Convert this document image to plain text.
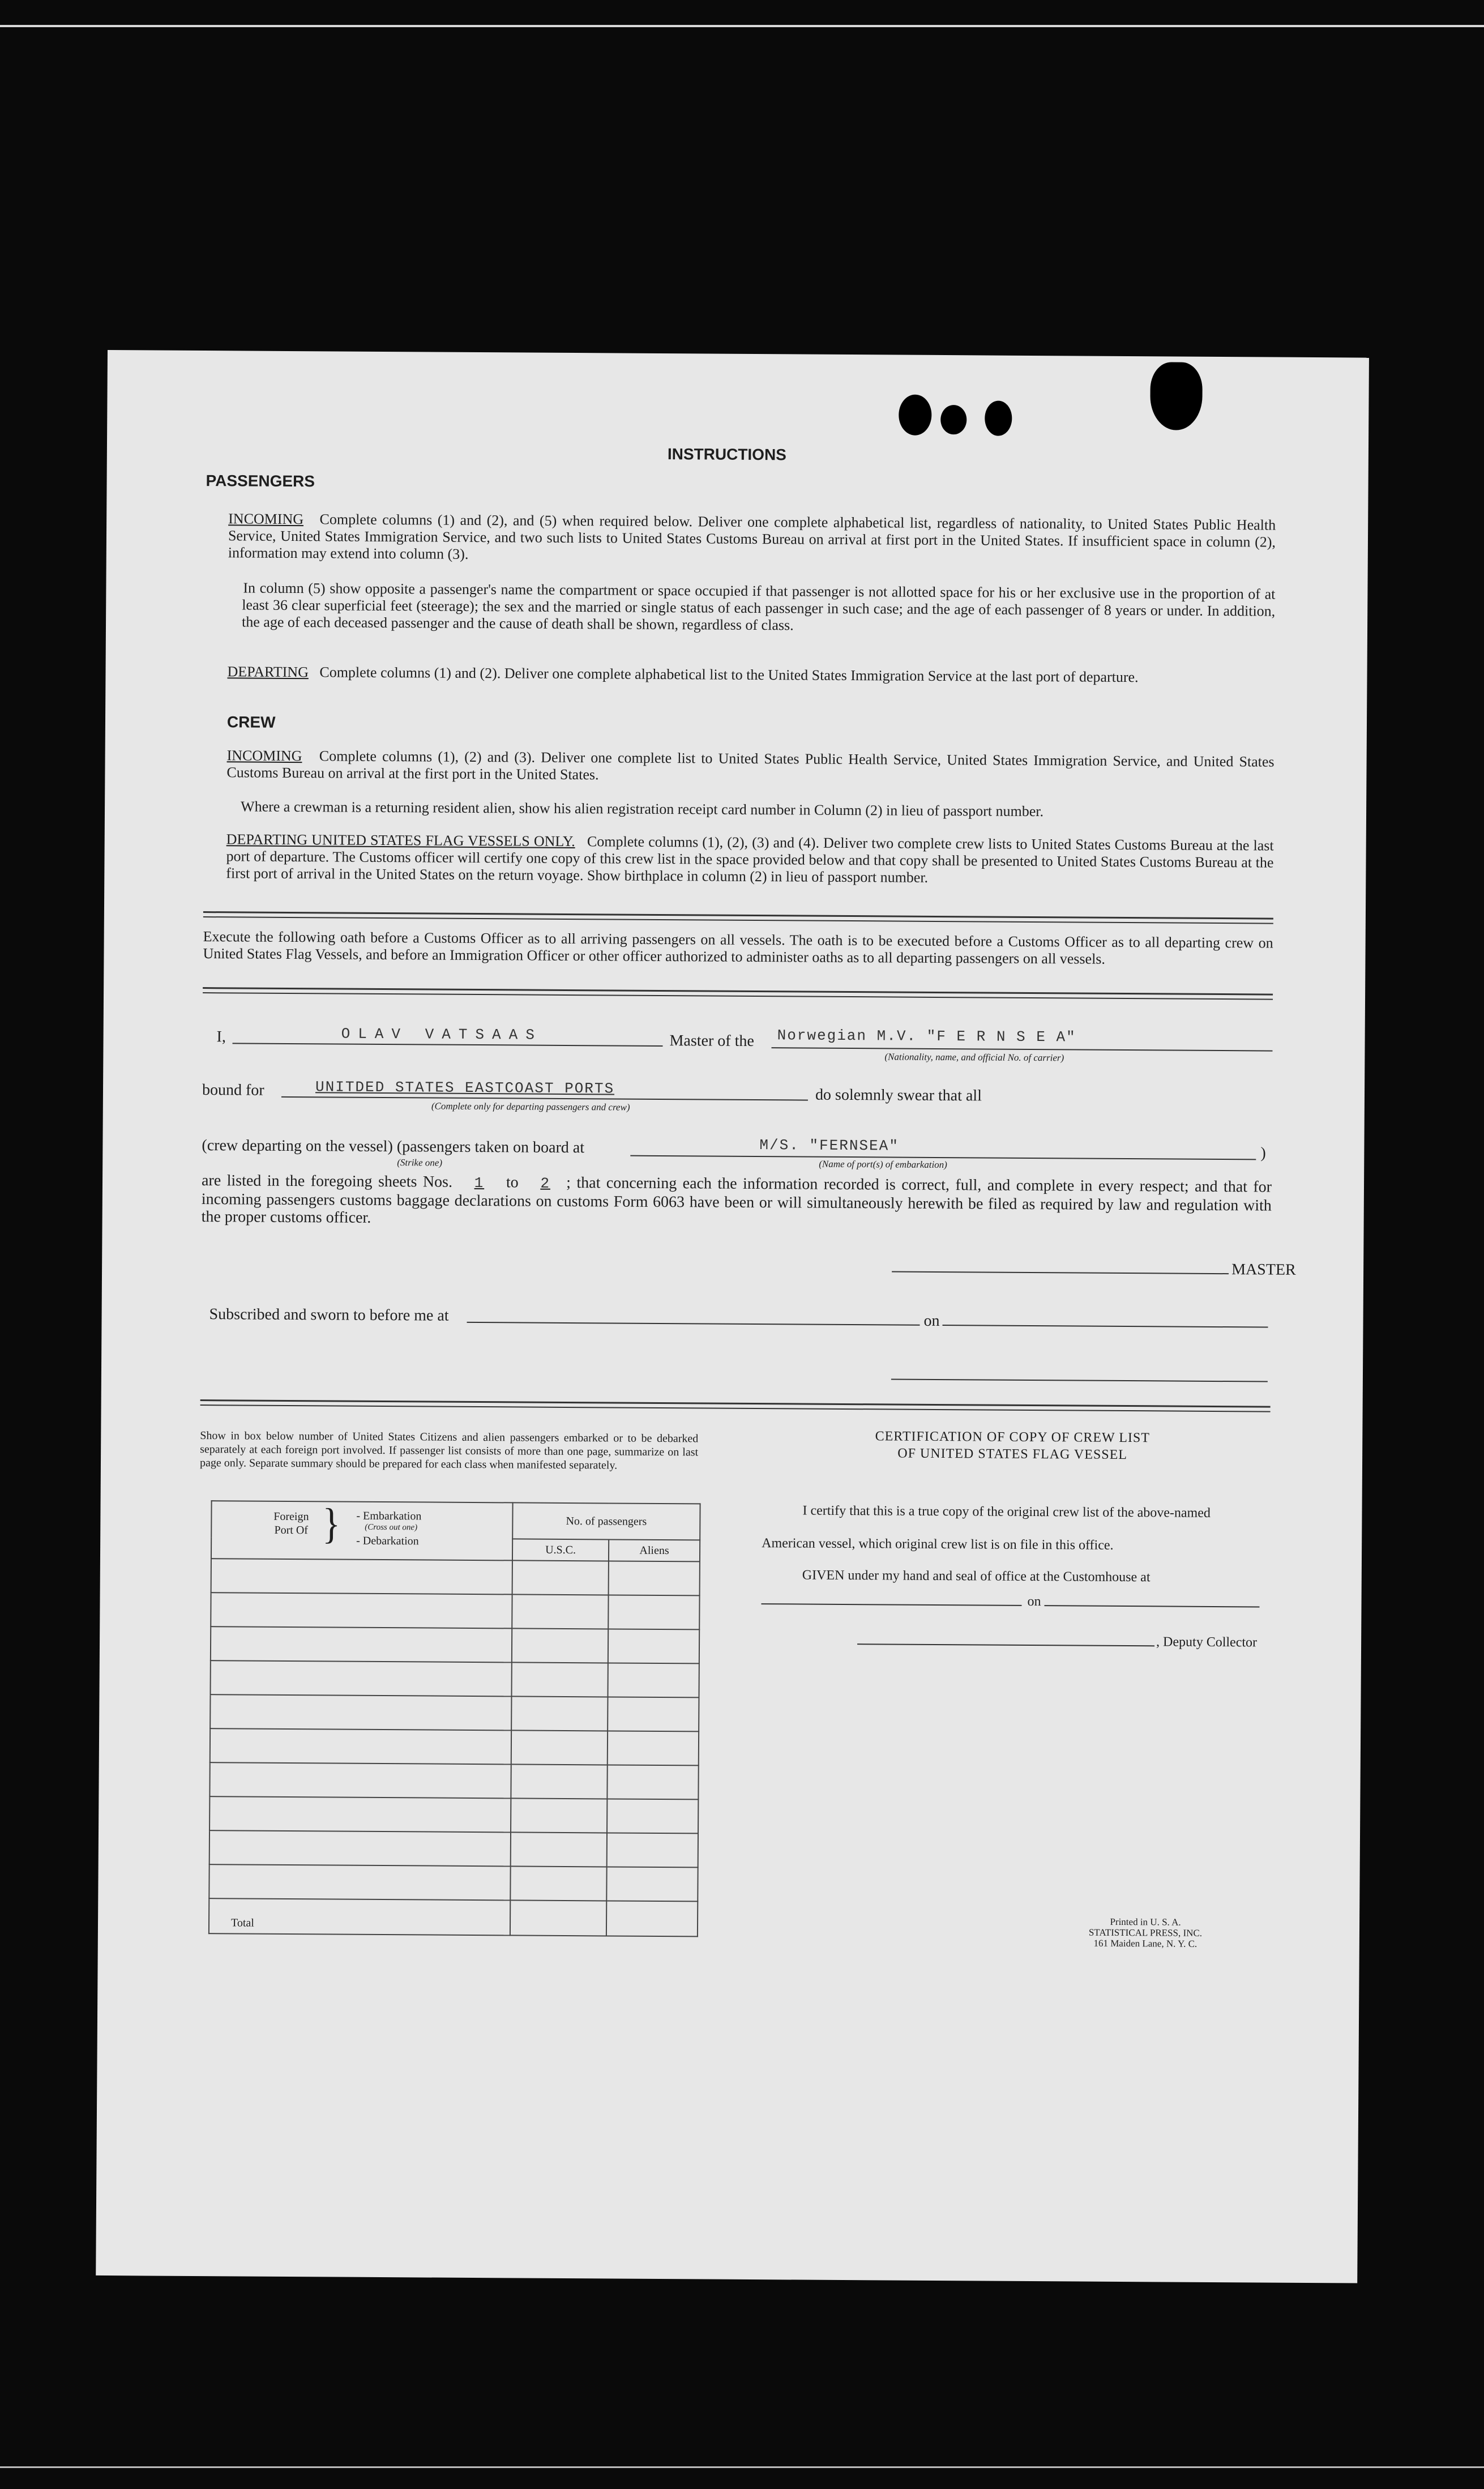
INSTRUCTIONS
PASSENGERS
INCOMING Complete columns (1) and (2), and (5) when required below. Deliver one complete alphabetical list, regardless of nationality, to United States Public Health Service, United States Immigration Service, and two such lists to United States Customs Bureau on arrival at first port in the United States. If insufficient space in column (2), information may extend into column (3).
In column (5) show opposite a passenger's name the compartment or space occupied if that passenger is not allotted space for his or her exclusive use in the proportion of at least 36 clear superficial feet (steerage); the sex and the married or single status of each passenger in such case; and the age of each passenger of 8 years or under. In addition, the age of each deceased passenger and the cause of death shall be shown, regardless of class.
DEPARTING Complete columns (1) and (2). Deliver one complete alphabetical list to the United States Immigration Service at the last port of departure.
CREW
INCOMING Complete columns (1), (2) and (3). Deliver one complete list to United States Public Health Service, United States Immigration Service, and United States Customs Bureau on arrival at the first port in the United States.
Where a crewman is a returning resident alien, show his alien registration receipt card number in Column (2) in lieu of passport number.
DEPARTING UNITED STATES FLAG VESSELS ONLY. Complete columns (1), (2), (3) and (4). Deliver two complete crew lists to United States Customs Bureau at the last port of departure. The Customs officer will certify one copy of this crew list in the space provided below and that copy shall be presented to United States Customs Bureau at the first port of arrival in the United States on the return voyage. Show birthplace in column (2) in lieu of passport number.
Execute the following oath before a Customs Officer as to all arriving passengers on all vessels. The oath is to be executed before a Customs Officer as to all departing crew on United States Flag Vessels, and before an Immigration Officer or other officer authorized to administer oaths as to all departing passengers on all vessels.
I,	OLAV VATSAAS	Master of the Norwegian M.V. "F E R N S E A"
(Nationality, name, and official No. of carrier)
bound for	UNITDED STATES EASTCOAST PORTS
(Complete only for departing passengers and crew)
do solemnly swear that all
(crew departing on the vessel) (passengers taken on board at
(Strike one)
M/S. "FERNSEA"
(Name of port(s) of embarkation)
)
are listed in the foregoing sheets Nos. 1 to 2 ; that concerning each the information recorded is correct, full, and complete in every respect; and that for incoming passengers customs baggage declarations on customs Form 6063 have been or will simultaneously herewith be filed as required by law and regulation with the proper customs officer.
MASTER
Subscribed and sworn to before me at	on
Show in box below number of United States Citizens and alien passengers embarked or to be debarked separately at each foreign port involved. If passenger list consists of more than one page, summarize on last page only. Separate summary should be prepared for each class when manifested separately.
Foreign Port Of } - Embarkation
(Cross out one)
- Debarkation	No. of passengers	
	U.S.C.	Aliens

Total		
CERTIFICATION OF COPY OF CREW LIST
OF UNITED STATES FLAG VESSEL
I certify that this is a true copy of the original crew list of the above-named
American vessel, which original crew list is on file in this office.
GIVEN under my hand and seal of office at the Customhouse at
on
, Deputy Collector
Printed in U. S. A.
STATISTICAL PRESS, INC.
161 Maiden Lane, N. Y. C.
